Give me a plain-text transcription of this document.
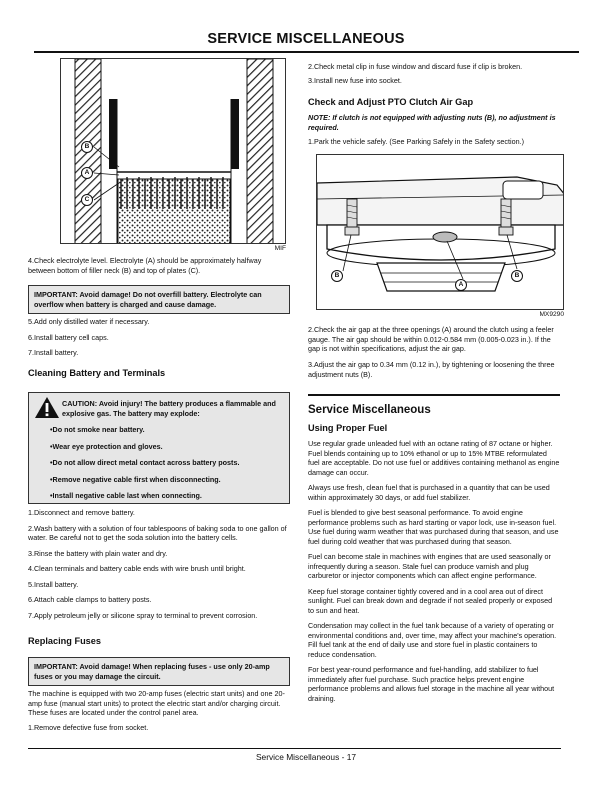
SERVICE MISCELLANEOUS
B
A
C
MIF
4.Check electrolyte level. Electrolyte (A) should be approximately halfway between bottom of filler neck (B) and top of plates (C).
IMPORTANT: Avoid damage! Do not overfill battery. Electrolyte can overflow when battery is charged and cause damage.

5.Add only distilled water if necessary.

6.Install battery cell caps.

7.Install battery.

Cleaning Battery and Terminals
CAUTION: Avoid injury! The battery produces a flammable and explosive gas. The battery may explode:
•Do not smoke near battery.
•Wear eye protection and gloves.
•Do not allow direct metal contact across battery posts.
•Remove negative cable first when disconnecting.
•Install negative cable last when connecting.

1.Disconnect and remove battery.

2.Wash battery with a solution of four tablespoons of baking soda to one gallon of water. Be careful not to get the soda solution into the battery cells.

3.Rinse the battery with plain water and dry.

4.Clean terminals and battery cable ends with wire brush until bright.

5.Install battery.

6.Attach cable clamps to battery posts.

7.Apply petroleum jelly or silicone spray to terminal to prevent corrosion.

Replacing Fuses
IMPORTANT: Avoid damage! When replacing fuses - use only 20-amp fuses or you may damage the circuit.
The machine is equipped with two 20-amp fuses (electric start units) and one 20-amp fuse (manual start units) to protect the electric start and/or charging circuit. These fuses are located under the control panel area.
1.Remove defective fuse from socket.
2.Check metal clip in fuse window and discard fuse if clip is broken.
3.Install new fuse into socket.
Check and Adjust PTO Clutch Air Gap
NOTE: If clutch is not equipped with adjusting nuts (B), no adjustment is required.
1.Park the vehicle safely. (See Parking Safely in the Safety section.)
B
A
B
MX9290
2.Check the air gap at the three openings (A) around the clutch using a feeler gauge. The air gap should be within 0.012-0.584 mm (0.005-0.023 in.). If the gap is not within specifications, adjust the air gap.
3.Adjust the air gap to 0.34 mm (0.12 in.), by tightening or loosening the three adjustment nuts (B).
Service Miscellaneous
Using Proper Fuel

Use regular grade unleaded fuel with an octane rating of 87 octane or higher. Fuel blends containing up to 10% ethanol or up to 15% MTBE reformulated fuel are acceptable. Do not use fuel or additives containing methanol as engine damage can occur.

Always use fresh, clean fuel that is purchased in a quantity that can be used within approximately 30 days, or add fuel stabilizer.

Fuel is blended to give best seasonal performance. To avoid engine performance problems such as hard starting or vapor lock, use in-season fuel. Use fuel during warm weather that was purchased during that season, and use fuel during cold weather that was purchased during that season.

Fuel can become stale in machines with engines that are used seasonally or infrequently during a season. Stale fuel can produce varnish and plug carburetor or injector components which can affect engine performance.

Keep fuel storage container tightly covered and in a cool area out of direct sunlight. Fuel can break down and degrade if not sealed properly or exposed to sun and heat.

Condensation may collect in the fuel tank because of a variety of operating or environmental conditions and, over time, may affect your machine's operation. Fill fuel tank at the end of daily use and store fuel in plastic containers to reduce condensation.

For best year-round performance and fuel-handling, add stabilizer to fuel immediately after fuel purchase. Such practice helps prevent engine performance problems and allows fuel storage in the machine all year without draining.

Service Miscellaneous - 17
